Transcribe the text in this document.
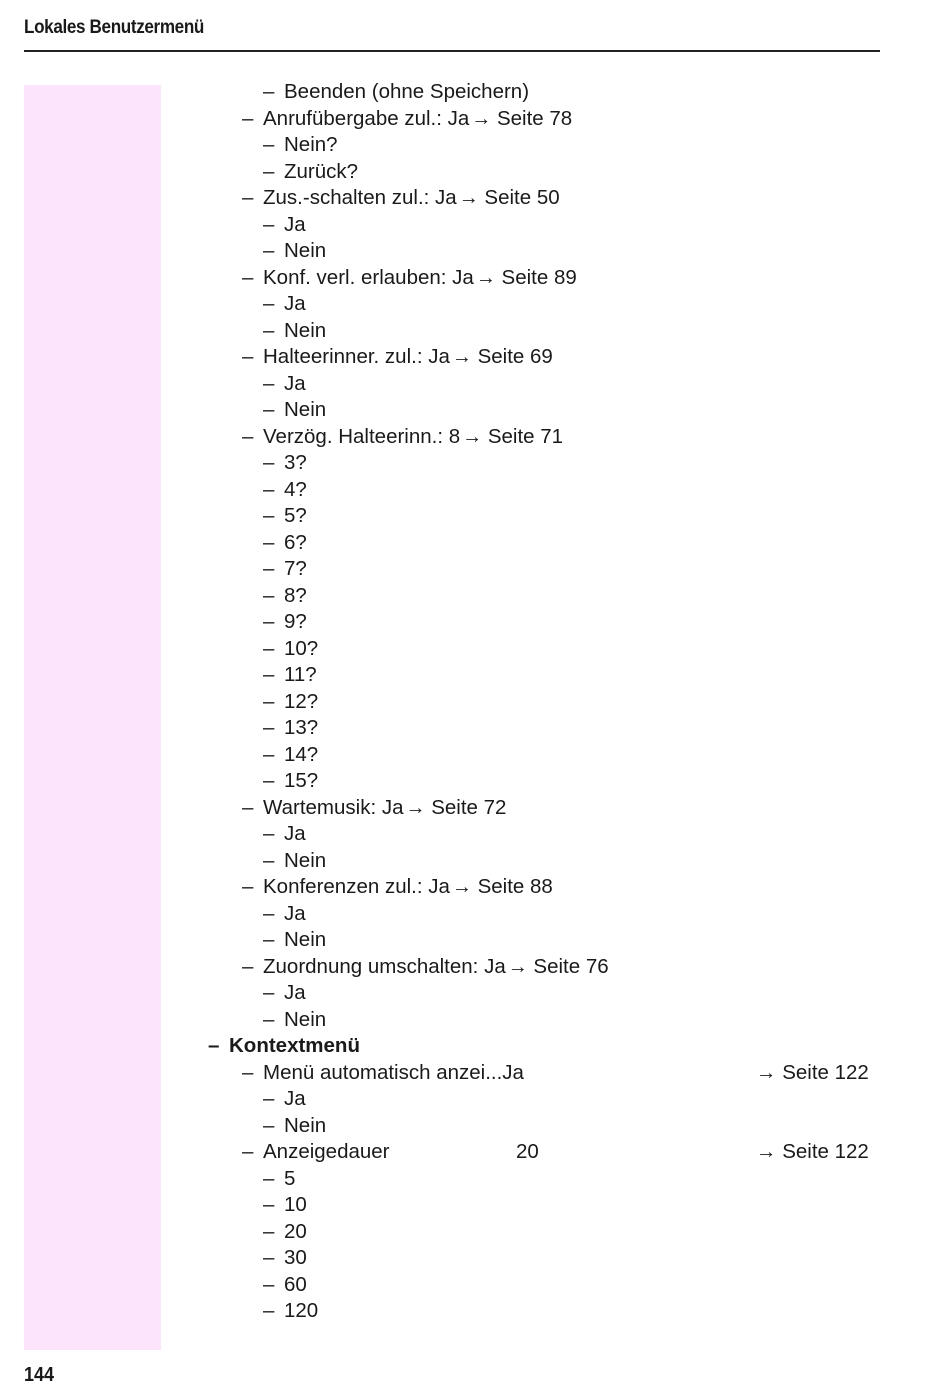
Lokales Benutzermenü
– Beenden (ohne Speichern)
– Anrufübergabe zul.: Ja → Seite 78
– Nein?
– Zurück?
– Zus.-schalten zul.: Ja → Seite 50
– Ja
– Nein
– Konf. verl. erlauben: Ja → Seite 89
– Ja
– Nein
– Halteerinner. zul.: Ja → Seite 69
– Ja
– Nein
– Verzög. Halteerinn.: 8 → Seite 71
– 3?
– 4?
– 5?
– 6?
– 7?
– 8?
– 9?
– 10?
– 11?
– 12?
– 13?
– 14?
– 15?
– Wartemusik: Ja → Seite 72
– Ja
– Nein
– Konferenzen zul.: Ja → Seite 88
– Ja
– Nein
– Zuordnung umschalten: Ja → Seite 76
– Ja
– Nein
– Kontextmenü
– Menü automatisch anzei...Ja	→ Seite 122
– Ja
– Nein
– Anzeigedauer	20	→ Seite 122
– 5
– 10
– 20
– 30
– 60
– 120
144
